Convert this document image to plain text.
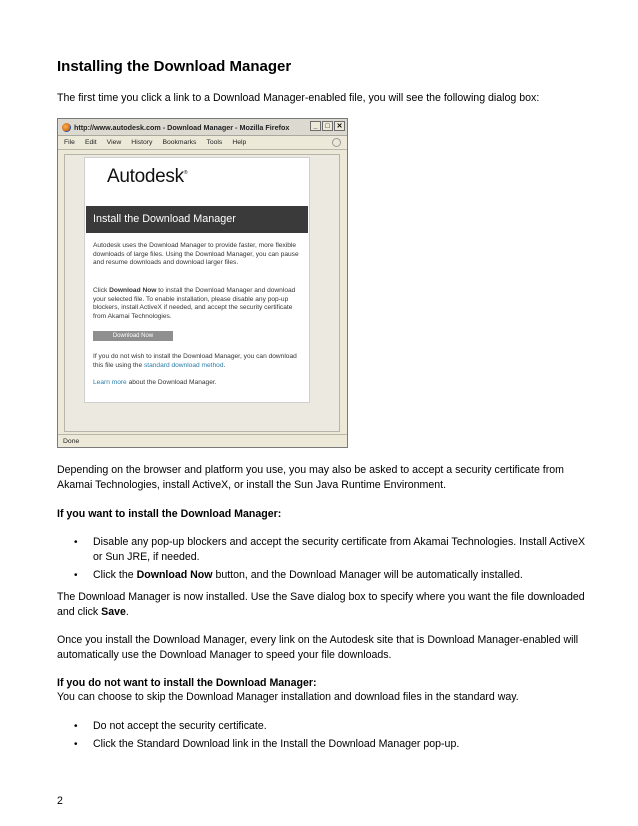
Installing the Download Manager

The first time you click a link to a Download Manager-enabled file, you will see the following dialog box:

http://www.autodesk.com - Download Manager - Mozilla Firefox	_	□ ✕
File Edit View History Bookmarks Tools Help
Autodesk®
Install the Download Manager

Autodesk uses the Download Manager to provide faster, more flexible downloads of large files. Using the Download Manager, you can pause and resume downloads and download larger files.

Click Download Now to install the Download Manager and download your selected file. To enable installation, please disable any pop-up blockers, install ActiveX if needed, and accept the security certificate from Akamai Technologies.

Download Now

If you do not wish to install the Download Manager, you can download this file using the standard download method.

Learn more about the Download Manager.

Done

Depending on the browser and platform you use, you may also be asked to accept a security certificate from Akamai Technologies, install ActiveX, or install the Sun Java Runtime Environment.

If you want to install the Download Manager:

• Disable any pop-up blockers and accept the security certificate from Akamai Technologies. Install ActiveX or Sun JRE, if needed.
• Click the Download Now button, and the Download Manager will be automatically installed.

The Download Manager is now installed. Use the Save dialog box to specify where you want the file downloaded and click Save.

Once you install the Download Manager, every link on the Autodesk site that is Download Manager-enabled will automatically use the Download Manager to speed your file downloads.

If you do not want to install the Download Manager:

You can choose to skip the Download Manager installation and download files in the standard way.

• Do not accept the security certificate.
• Click the Standard Download link in the Install the Download Manager pop-up.
2
